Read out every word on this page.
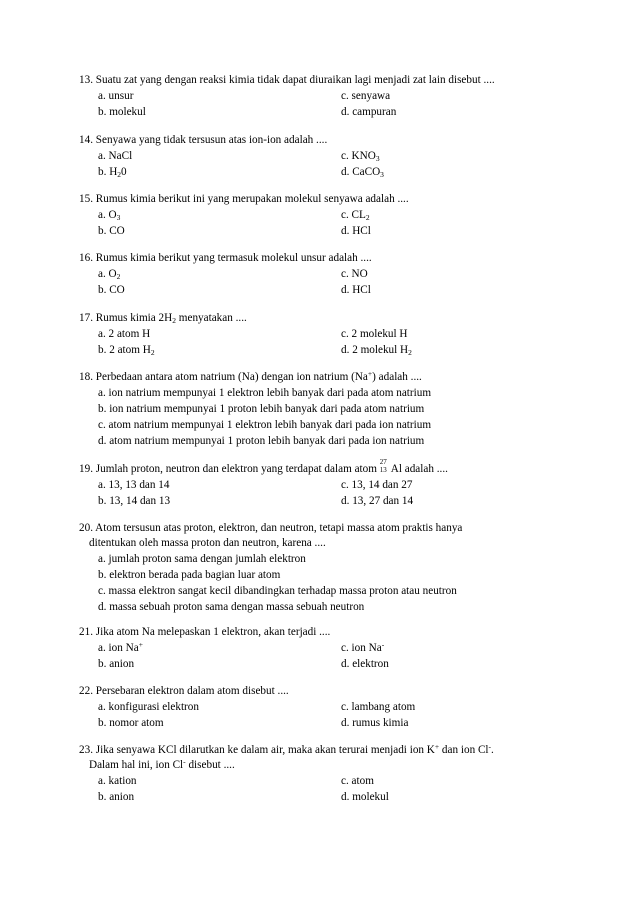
13. Suatu zat yang dengan reaksi kimia tidak dapat diuraikan lagi menjadi zat lain disebut ....
a. unsur	c. senyawa
b. molekul	d. campuran
14. Senyawa yang tidak tersusun atas ion-ion adalah ....
a. NaCl	c. $KNO_3$
b. $H_20$	d. CaCO$_3$
15. Rumus kimia berikut ini yang merupakan molekul senyawa adalah ....
a. $O_3$	c. $CL_2$
b. CO	d. HCl
16. Rumus kimia berikut yang termasuk molekul unsur adalah ....
a. $O_2$	c. NO
b. CO	d. HCl
17. Rumus kimia $2H_2$ menyatakan ....
a. 2 atom H	c. 2 molekul H
b. 2 atom $H_2$	d. 2 molekul $H_2$
18. Perbedaan antara atom natrium (Na) dengan ion natrium (Na+) adalah ....
a. ion natrium mempunyai 1 elektron lebih banyak dari pada atom natrium
b. ion natrium mempunyai 1 proton lebih banyak dari pada atom natrium
c. atom natrium mempunyai 1 elektron lebih banyak dari pada ion natrium
d. atom natrium mempunyai 1 proton lebih banyak dari pada ion natrium
19. Jumlah proton, neutron dan elektron yang terdapat dalam atom
27
13 Al adalah ....
a. 13, 13 dan 14	c. 13, 14 dan 27
b. 13, 14 dan 13	d. 13, 27 dan 14
20. Atom tersusun atas proton, elektron, dan neutron, tetapi massa atom praktis hanya
ditentukan oleh massa proton dan neutron, karena ....
a. jumlah proton sama dengan jumlah elektron
b. elektron berada pada bagian luar atom
c. massa elektron sangat kecil dibandingkan terhadap massa proton atau neutron
d. massa sebuah proton sama dengan massa sebuah neutron
21. Jika atom Na melepaskan 1 elektron, akan terjadi ....
a. ion Na+	c. ion Na-
b. anion	d. elektron
22. Persebaran elektron dalam atom disebut ....
a. konfigurasi elektron	c. lambang atom
b. nomor atom	d. rumus kimia
23. Jika senyawa KCl dilarutkan ke dalam air, maka akan terurai menjadi ion K+ dan ion Cl-.
Dalam hal ini, ion Cl- disebut ....
a. kation	c. atom
b. anion	d. molekul
